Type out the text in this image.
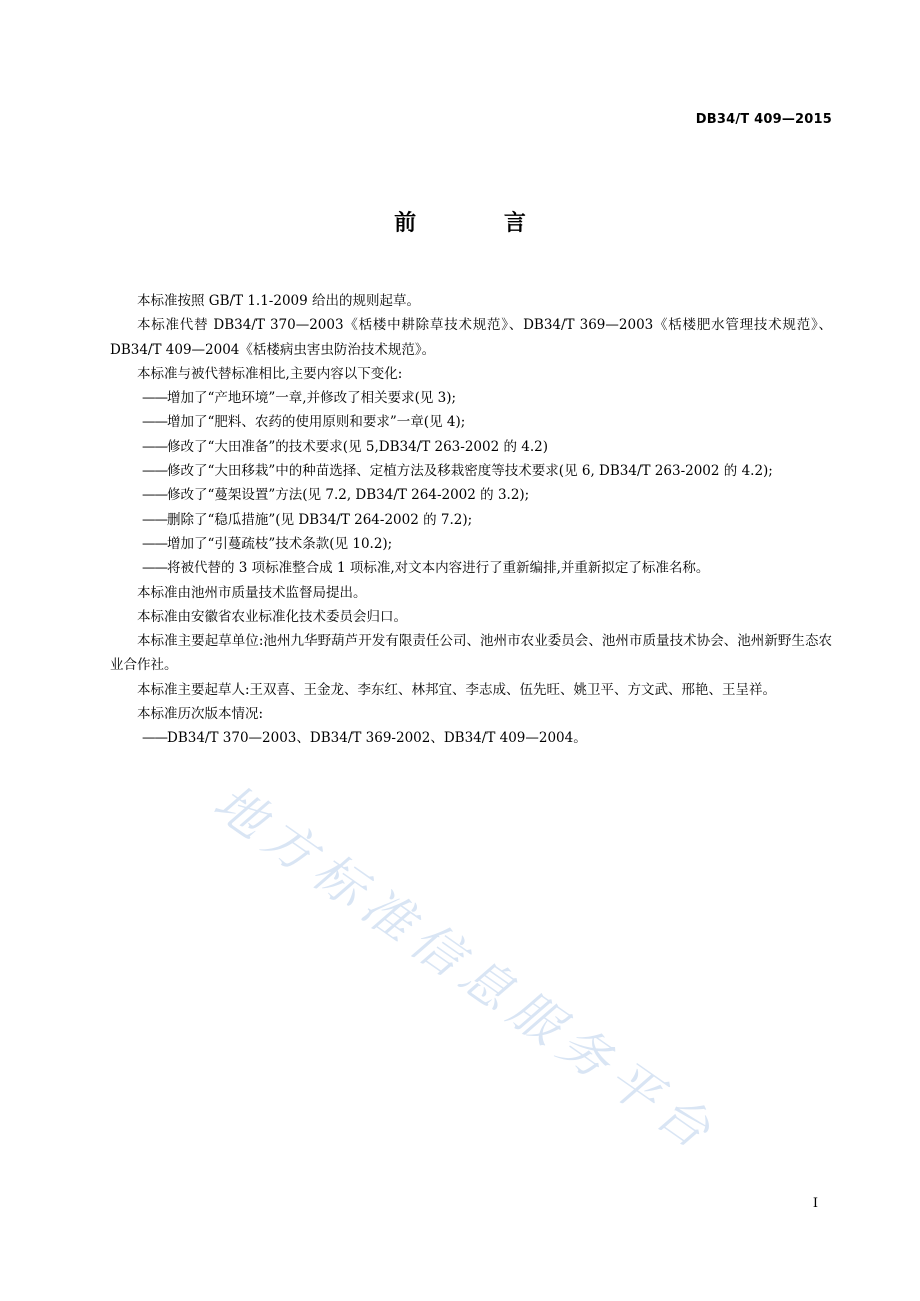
DB34/T 409—2015
前 言

本标准按照 GB/T 1.1-2009 给出的规则起草。

本标准代替 DB34/T 370—2003《栝楼中耕除草技术规范》、DB34/T 369—2003《栝楼肥水管理技术规范》、DB34/T 409—2004《栝楼病虫害虫防治技术规范》。

本标准与被代替标准相比,主要内容以下变化:

——增加了“产地环境”一章,并修改了相关要求(见 3);

——增加了“肥料、农药的使用原则和要求”一章(见 4);

——修改了“大田准备”的技术要求(见 5,DB34/T 263-2002 的 4.2)

——修改了“大田移栽”中的种苗选择、定植方法及移栽密度等技术要求(见 6, DB34/T 263-2002 的 4.2);

——修改了“蔓架设置”方法(见 7.2, DB34/T 264-2002 的 3.2);

——删除了“稳瓜措施”(见 DB34/T 264-2002 的 7.2);

——增加了“引蔓疏枝”技术条款(见 10.2);

——将被代替的 3 项标准整合成 1 项标准,对文本内容进行了重新编排,并重新拟定了标准名称。

本标准由池州市质量技术监督局提出。

本标准由安徽省农业标准化技术委员会归口。

本标准主要起草单位:池州九华野葫芦开发有限责任公司、池州市农业委员会、池州市质量技术协会、池州新野生态农业合作社。

本标准主要起草人:王双喜、王金龙、李东红、林邦宜、李志成、伍先旺、姚卫平、方文武、邢艳、王呈祥。

本标准历次版本情况:

——DB34/T 370—2003、DB34/T 369-2002、DB34/T 409—2004。

地方标准信息服务平台
I
